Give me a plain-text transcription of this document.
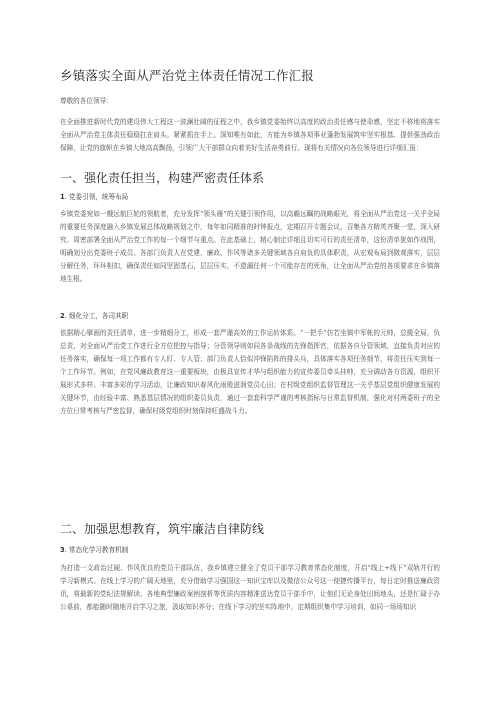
乡镇落实全面从严治党主体责任情况工作汇报

尊敬的各位领导：

在全面推进新时代党的建设伟大工程这一波澜壮阔的征程之中，我乡镇党委始终以高度的政治责任感与使命感，坚定不移地将落实全面从严治党主体责任稳稳扛在肩头。紧紧抓在手上。深知唯有如此，方能为乡镇各项事业蓬勃发展筑牢坚实根基、提供强劲政治保障，让党的旗帜在乡镇大地高高飘扬，引领广大干部群众向着美好生活奋勇前行。现将有关情况向各位领导进行详细汇报：

一、强化责任担当，构建严密责任体系
1. 党委引领，统筹布局

乡镇党委宛如一艘远航巨轮的领航者，充分发挥“领头雁”的关键引领作用，以高瞻远瞩的战略眼光，将全面从严治党这一关乎全局的重要任务深度融入乡镇发展总体战略规划之中，每年如同精准的时钟报点，定期召开专题会议，召集各方精英齐聚一堂，深入研究、周密部署全面从严治党工作的每一个细节与重点。在此基础上，精心制定详细且切实可行的责任清单，这份清单犹如作战图，明确划分出党委班子成员、各部门负责人在党建、廉政、作风等诸多关键领域各自肩负的具体职责，从宏观布局到微观落实，层层分解任务，环环相扣，确保责任如同坚固基石，层层压实，不遗漏任何一个可能存在的死角，让全面从严治党的各项要求在乡镇落地生根。

2. 细化分工，各司其职

依据精心擘画的责任清单，进一步精细分工，形成一套严谨高效的工作运转体系。“一把手”仿若坐镇中军帐的元帅，总揽全局，负总责，对全面从严治党工作进行全方位把控与指导；分管领导则如同各条战线的先锋指挥官，依据各自分管领域，直接负责对应的任务落实，确保每一项工作都有专人盯、专人管；部门负责人恰似冲锋陷阵的排头兵，具体落实各项任务细节，将责任压实到每一个工作环节。例如，在党风廉政教育这一重要板块，由极具宣传才华与组织能力的宣传委员牵头挂帅，充分调动各方资源，组织开展形式多样、丰富多彩的学习活动，让廉政知识春风化雨般滋润党员心田；在村级党组织监督管理这一关乎基层党组织健康发展的关键环节，由经验丰富、熟悉基层情况的组织委员负责，通过一套套科学严谨的考核指标与日常监督机制，强化对村两委班子的全方位日常考核与严密监督，确保村级党组织时刻保持旺盛战斗力。

二、加强思想教育，筑牢廉洁自律防线
3. 常态化学习教育机制

为打造一支政治过硬、作风优良的党员干部队伍，我乡镇建立健全了党员干部学习教育常态化制度，开启“线上+线下”双轨并行的学习新模式。在线上学习的广阔天地里，充分借助学习强国这一知识宝库以及微信公众号这一便捷传播平台，每日定时推送廉政资讯，将最新的党纪法规解读、各地典型廉政案例剖析等优质内容精准送达党员干部手中，让他们无论身处田间地头，还是忙碌于办公桌前，都能随时随地开启学习之旅，汲取知识养分；在线下学习的坚实阵地中，定期组织集中学习培训，如同一场场知识
